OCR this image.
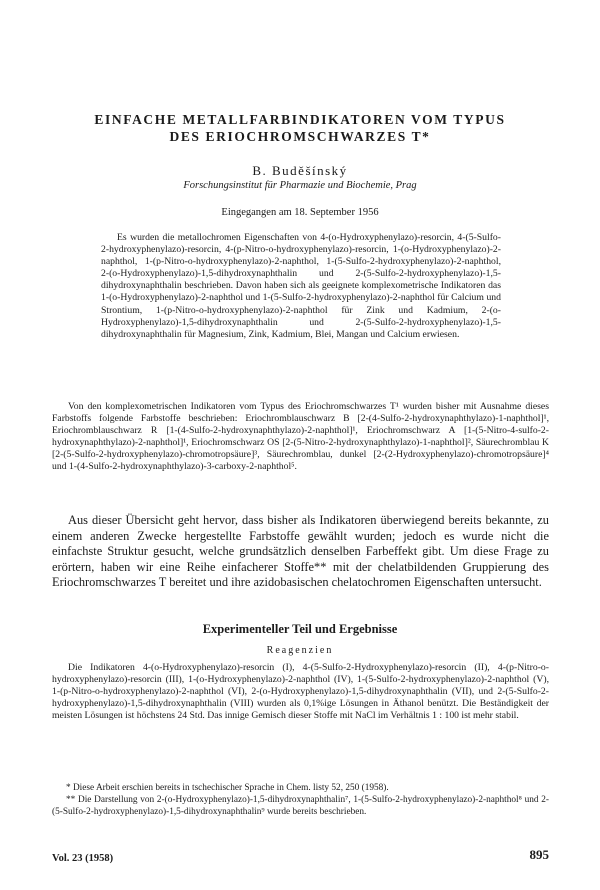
EINFACHE METALLFARBINDIKATOREN VOM TYPUS
DES ERIOCHROMSCHWARZES T*
B. Buděšínský
Forschungsinstitut für Pharmazie und Biochemie, Prag
Eingegangen am 18. September 1956

Es wurden die metallochromen Eigenschaften von 4-(o-Hydroxyphenylazo)-resorcin, 4-(5-Sulfo-2-hydroxyphenylazo)-resorcin, 4-(p-Nitro-o-hydroxyphenylazo)-resorcin, 1-(o-Hydroxyphenylazo)-2-naphthol, 1-(p-Nitro-o-hydroxyphenylazo)-2-naphthol, 1-(5-Sulfo-2-hydroxyphenylazo)-2-naphthol, 2-(o-Hydroxyphenylazo)-1,5-dihydroxynaphthalin und 2-(5-Sulfo-2-hydroxyphenylazo)-1,5-dihydroxynaphthalin beschrieben. Davon haben sich als geeignete komplexometrische Indikatoren das 1-(o-Hydroxyphenylazo)-2-naphthol und 1-(5-Sulfo-2-hydroxyphenylazo)-2-naphthol für Calcium und Strontium, 1-(p-Nitro-o-hydroxyphenylazo)-2-naphthol für Zink und Kadmium, 2-(o-Hydroxyphenylazo)-1,5-dihydroxynaphthalin und 2-(5-Sulfo-2-hydroxyphenylazo)-1,5-dihydroxynaphthalin für Magnesium, Zink, Kadmium, Blei, Mangan und Calcium erwiesen.

Von den komplexometrischen Indikatoren vom Typus des Eriochromschwarzes T¹ wurden bisher mit Ausnahme dieses Farbstoffs folgende Farbstoffe beschrieben: Eriochromblauschwarz B [2-(4-Sulfo-2-hydroxynaphthylazo)-1-naphthol]¹, Eriochromblauschwarz R [1-(4-Sulfo-2-hydroxynaphthylazo)-2-naphthol]¹, Eriochromschwarz A [1-(5-Nitro-4-sulfo-2-hydroxynaphthylazo)-2-naphthol]¹, Eriochromschwarz OS [2-(5-Nitro-2-hydroxynaphthylazo)-1-naphthol]², Säurechromblau K [2-(5-Sulfo-2-hydroxyphenylazo)-chromotropsäure]³, Säurechromblau, dunkel [2-(2-Hydroxyphenylazo)-chromotropsäure]⁴ und 1-(4-Sulfo-2-hydroxynaphthylazo)-3-carboxy-2-naphthol⁵.

Aus dieser Übersicht geht hervor, dass bisher als Indikatoren überwiegend bereits bekannte, zu einem anderen Zwecke hergestellte Farbstoffe gewählt wurden; jedoch es wurde nicht die einfachste Struktur gesucht, welche grundsätzlich denselben Farbeffekt gibt. Um diese Frage zu erörtern, haben wir eine Reihe einfacherer Stoffe** mit der chelatbildenden Gruppierung des Eriochromschwarzes T bereitet und ihre azidobasischen chelatochromen Eigenschaften untersucht.

Experimenteller Teil und Ergebnisse
Reagenzien

Die Indikatoren 4-(o-Hydroxyphenylazo)-resorcin (I), 4-(5-Sulfo-2-Hydroxyphenylazo)-resorcin (II), 4-(p-Nitro-o-hydroxyphenylazo)-resorcin (III), 1-(o-Hydroxyphenylazo)-2-naphthol (IV), 1-(5-Sulfo-2-hydroxyphenylazo)-2-naphthol (V), 1-(p-Nitro-o-hydroxyphenylazo)-2-naphthol (VI), 2-(o-Hydroxyphenylazo)-1,5-dihydroxynaphthalin (VII), und 2-(5-Sulfo-2-hydroxyphenylazo)-1,5-dihydroxynaphthalin (VIII) wurden als 0,1%ige Lösungen in Äthanol benützt. Die Beständigkeit der meisten Lösungen ist höchstens 24 Std. Das innige Gemisch dieser Stoffe mit NaCl im Verhältnis 1 : 100 ist mehr stabil.

* Diese Arbeit erschien bereits in tschechischer Sprache in Chem. listy 52, 250 (1958).

** Die Darstellung von 2-(o-Hydroxyphenylazo)-1,5-dihydroxynaphthalin⁷, 1-(5-Sulfo-2-hydroxyphenylazo)-2-naphthol⁸ und 2-(5-Sulfo-2-hydroxyphenylazo)-1,5-dihydroxynaphthalin⁹ wurde bereits beschrieben.

Vol. 23 (1958)	895
